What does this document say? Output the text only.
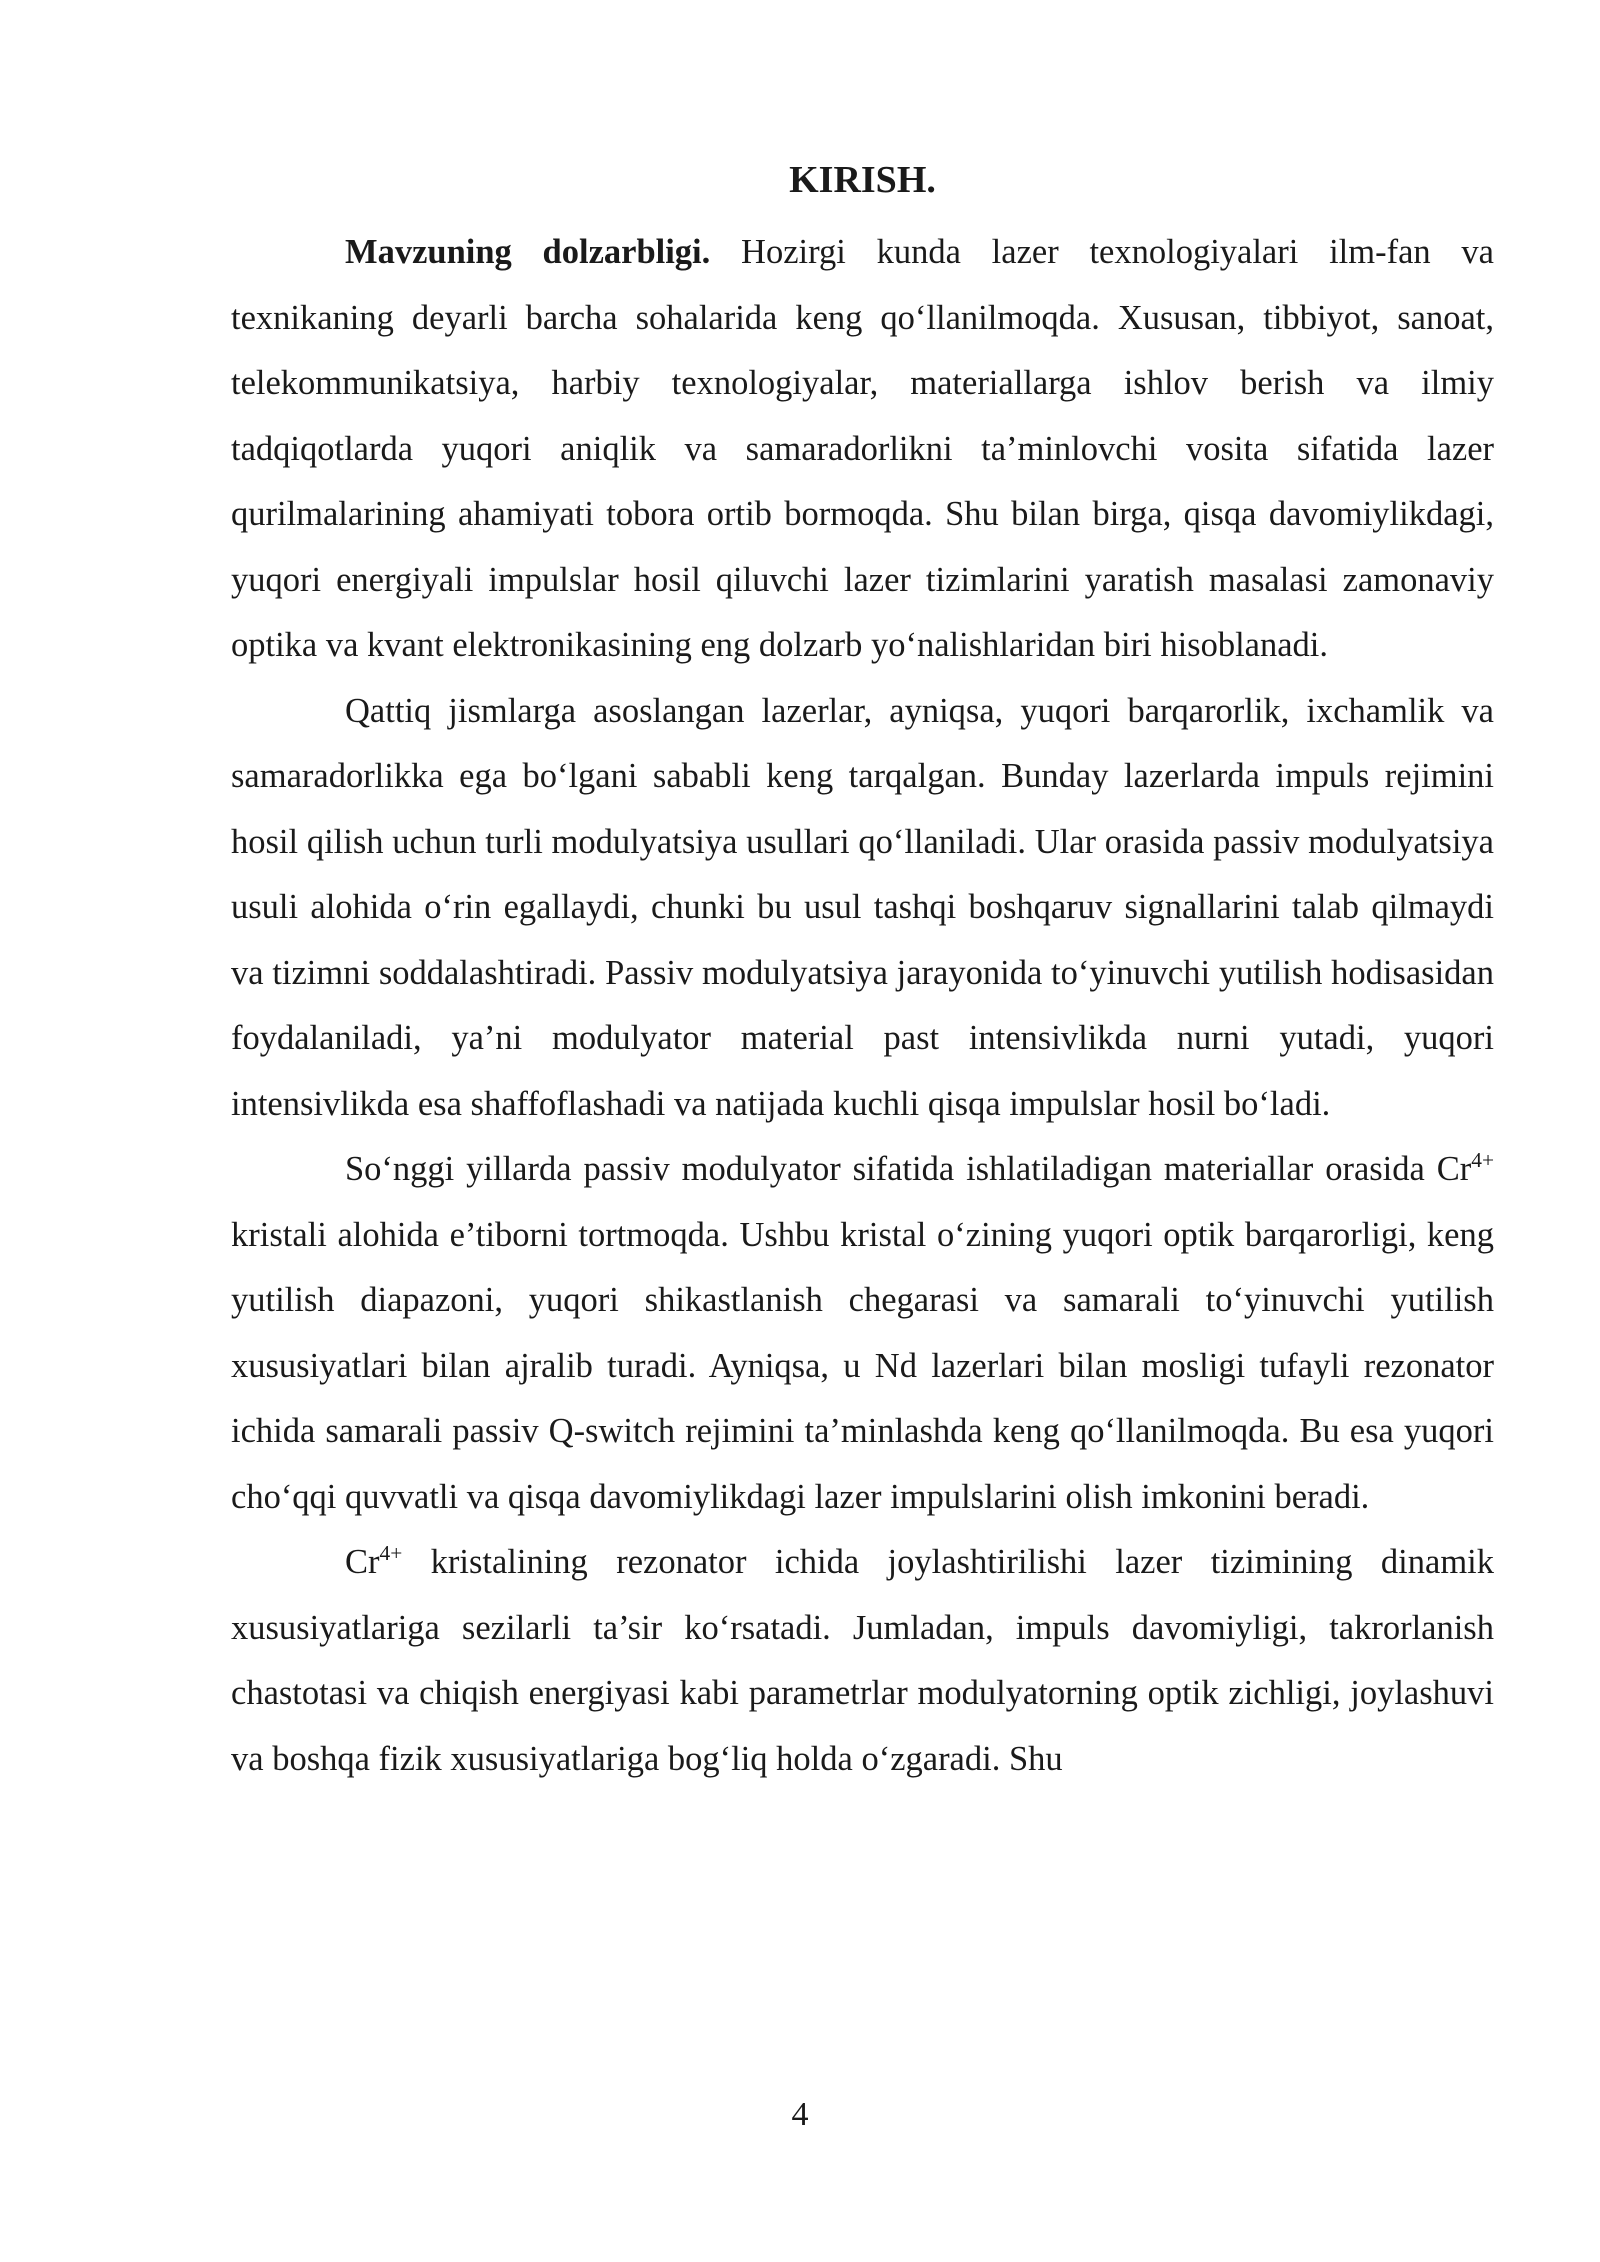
KIRISH.

Mavzuning dolzarbligi. Hozirgi kunda lazer texnologiyalari ilm-fan va texnikaning deyarli barcha sohalarida keng qo‘llanilmoqda. Xususan, tibbiyot, sanoat, telekommunikatsiya, harbiy texnologiyalar, materiallarga ishlov berish va ilmiy tadqiqotlarda yuqori aniqlik va samaradorlikni ta’minlovchi vosita sifatida lazer qurilmalarining ahamiyati tobora ortib bormoqda. Shu bilan birga, qisqa davomiylikdagi, yuqori energiyali impulslar hosil qiluvchi lazer tizimlarini yaratish masalasi zamonaviy optika va kvant elektronikasining eng dolzarb yo‘nalishlaridan biri hisoblanadi.

Qattiq jismlarga asoslangan lazerlar, ayniqsa, yuqori barqarorlik, ixchamlik va samaradorlikka ega bo‘lgani sababli keng tarqalgan. Bunday lazerlarda impuls rejimini hosil qilish uchun turli modulyatsiya usullari qo‘llaniladi. Ular orasida passiv modulyatsiya usuli alohida o‘rin egallaydi, chunki bu usul tashqi boshqaruv signallarini talab qilmaydi va tizimni soddalashtiradi. Passiv modulyatsiya jarayonida to‘yinuvchi yutilish hodisasidan foydalaniladi, ya’ni modulyator material past intensivlikda nurni yutadi, yuqori intensivlikda esa shaffoflashadi va natijada kuchli qisqa impulslar hosil bo‘ladi.

So‘nggi yillarda passiv modulyator sifatida ishlatiladigan materiallar orasida $Cr^{4+}$ kristali alohida e’tiborni tortmoqda. Ushbu kristal o‘zining yuqori optik barqarorligi, keng yutilish diapazoni, yuqori shikastlanish chegarasi va samarali to‘yinuvchi yutilish xususiyatlari bilan ajralib turadi. Ayniqsa, u Nd lazerlari bilan mosligi tufayli rezonator ichida samarali passiv Q-switch rejimini ta’minlashda keng qo‘llanilmoqda. Bu esa yuqori cho‘qqi quvvatli va qisqa davomiylikdagi lazer impulslarini olish imkonini beradi.

$Cr^{4+}$ kristalining rezonator ichida joylashtirilishi lazer tizimining dinamik xususiyatlariga sezilarli ta’sir ko‘rsatadi. Jumladan, impuls davomiyligi, takrorlanish chastotasi va chiqish energiyasi kabi parametrlar modulyatorning optik zichligi, joylashuvi va boshqa fizik xususiyatlariga bog‘liq holda o‘zgaradi. Shu

4
